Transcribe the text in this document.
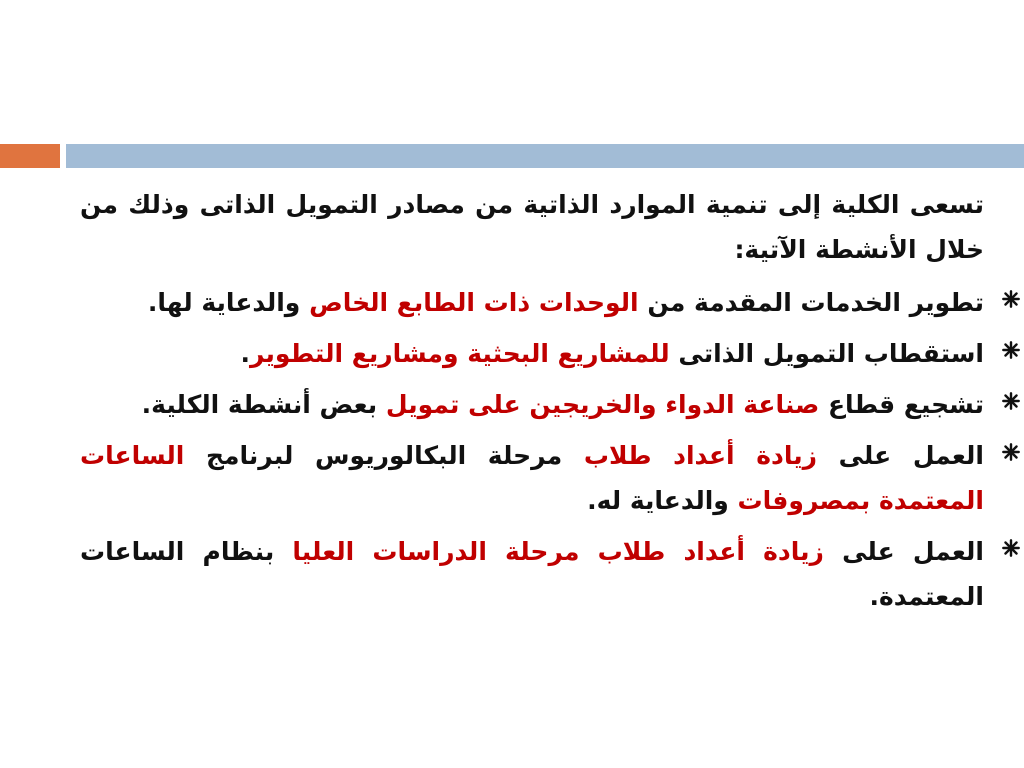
تسعى الكلية إلى تنمية الموارد الذاتية من مصادر التمويل الذاتى وذلك من خلال الأنشطة الآتية:

تطوير الخدمات المقدمة من الوحدات ذات الطابع الخاص والدعاية لها.
استقطاب التمويل الذاتى للمشاريع البحثية ومشاريع التطوير.
تشجيع قطاع صناعة الدواء والخريجين على تمويل بعض أنشطة الكلية.
العمل على زيادة أعداد طلاب مرحلة البكالوريوس لبرنامج الساعات المعتمدة بمصروفات والدعاية له.
العمل على زيادة أعداد طلاب مرحلة الدراسات العليا بنظام الساعات المعتمدة.
